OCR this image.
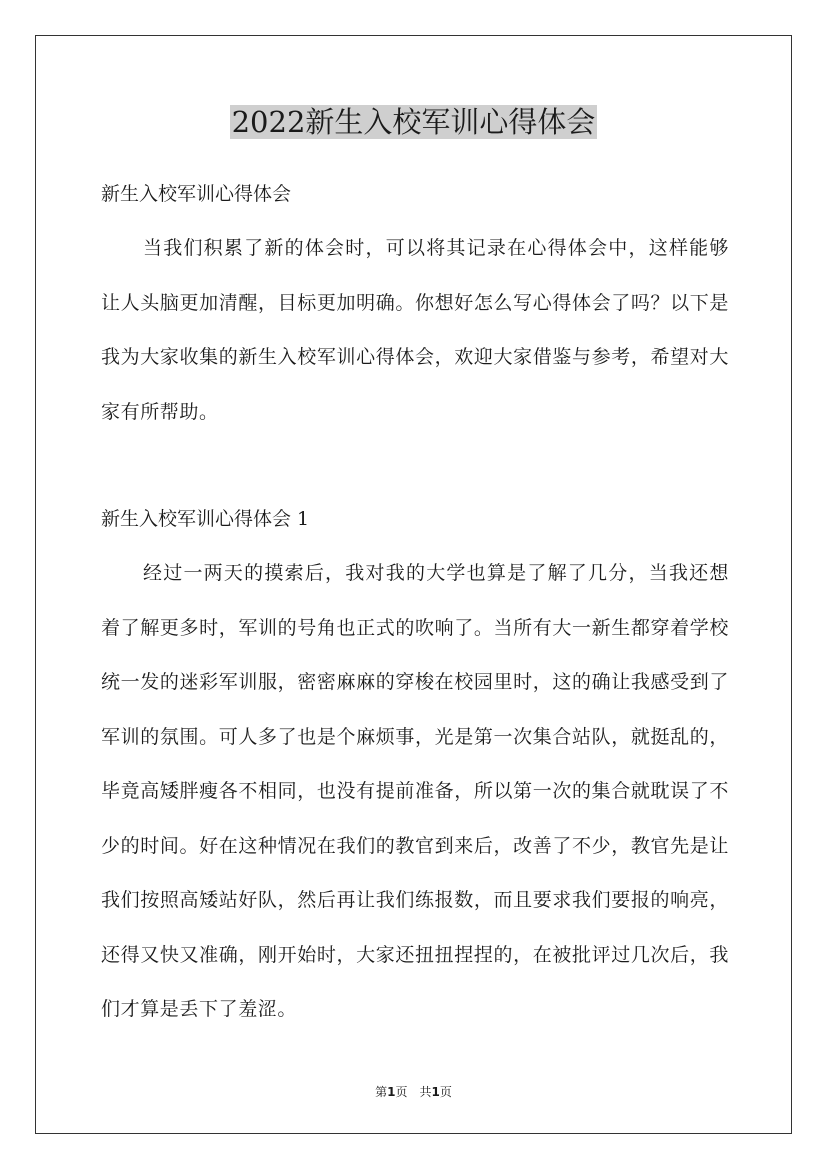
2022新生入校军训心得体会

新生入校军训心得体会

当我们积累了新的体会时，可以将其记录在心得体会中，这样能够让人头脑更加清醒，目标更加明确。你想好怎么写心得体会了吗？以下是我为大家收集的新生入校军训心得体会，欢迎大家借鉴与参考，希望对大家有所帮助。

新生入校军训心得体会 1

经过一两天的摸索后，我对我的大学也算是了解了几分，当我还想着了解更多时，军训的号角也正式的吹响了。当所有大一新生都穿着学校统一发的迷彩军训服，密密麻麻的穿梭在校园里时，这的确让我感受到了军训的氛围。可人多了也是个麻烦事，光是第一次集合站队，就挺乱的，毕竟高矮胖瘦各不相同，也没有提前准备，所以第一次的集合就耽误了不少的时间。好在这种情况在我们的教官到来后，改善了不少，教官先是让我们按照高矮站好队，然后再让我们练报数，而且要求我们要报的响亮，还得又快又准确，刚开始时，大家还扭扭捏捏的，在被批评过几次后，我们才算是丢下了羞涩。

第1页　共1页
